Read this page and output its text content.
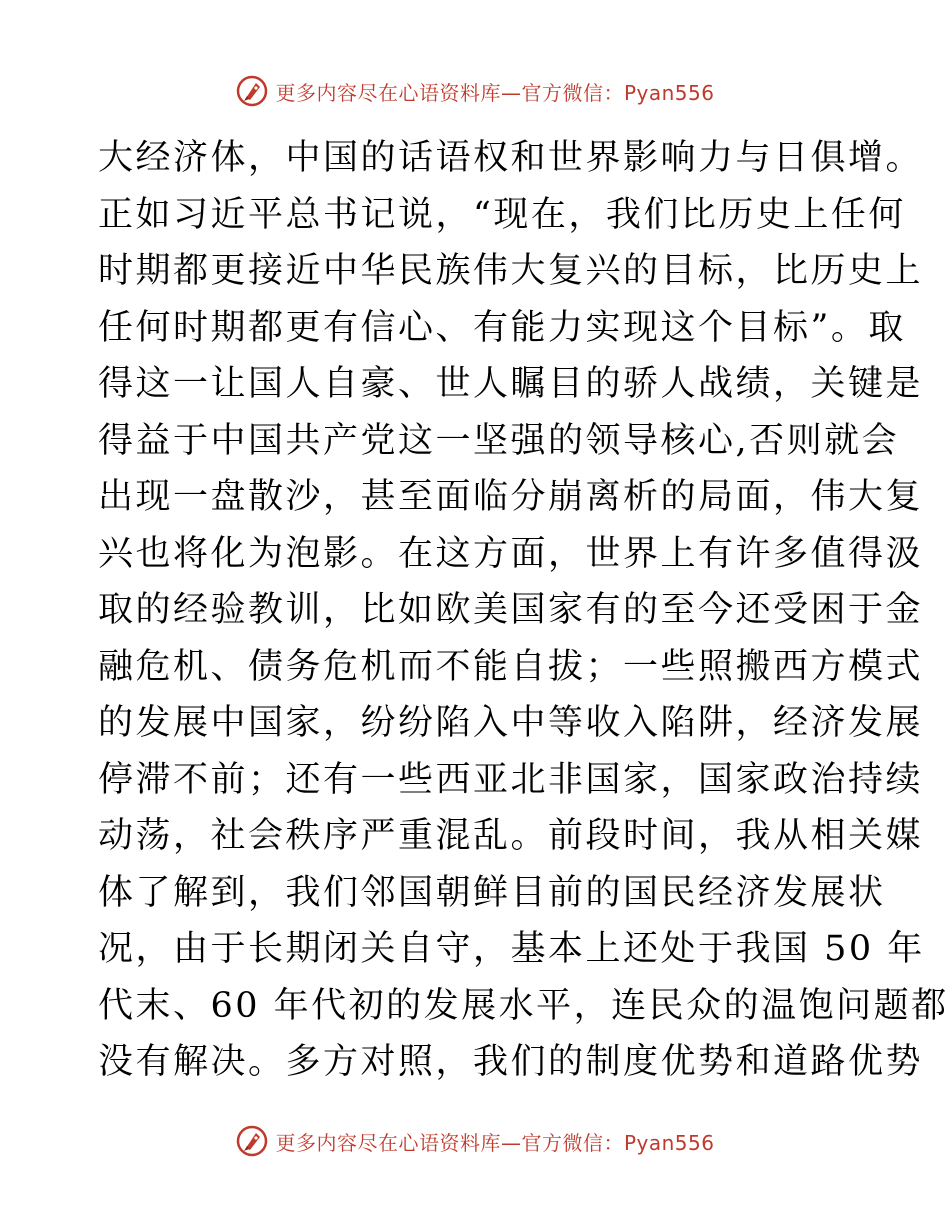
更多内容尽在心语资料库—官方微信：Pyan556
大经济体，中国的话语权和世界影响力与日俱增。
正如习近平总书记说，“现在，我们比历史上任何
时期都更接近中华民族伟大复兴的目标，比历史上
任何时期都更有信心、有能力实现这个目标”。取
得这一让国人自豪、世人瞩目的骄人战绩，关键是
得益于中国共产党这一坚强的领导核心,否则就会
出现一盘散沙，甚至面临分崩离析的局面，伟大复
兴也将化为泡影。在这方面，世界上有许多值得汲
取的经验教训，比如欧美国家有的至今还受困于金
融危机、债务危机而不能自拔；一些照搬西方模式
的发展中国家，纷纷陷入中等收入陷阱，经济发展
停滞不前；还有一些西亚北非国家，国家政治持续
动荡，社会秩序严重混乱。前段时间，我从相关媒
体了解到，我们邻国朝鲜目前的国民经济发展状
况，由于长期闭关自守，基本上还处于我国 50 年
代末、60 年代初的发展水平，连民众的温饱问题都
没有解决。多方对照，我们的制度优势和道路优势
更多内容尽在心语资料库—官方微信：Pyan556
